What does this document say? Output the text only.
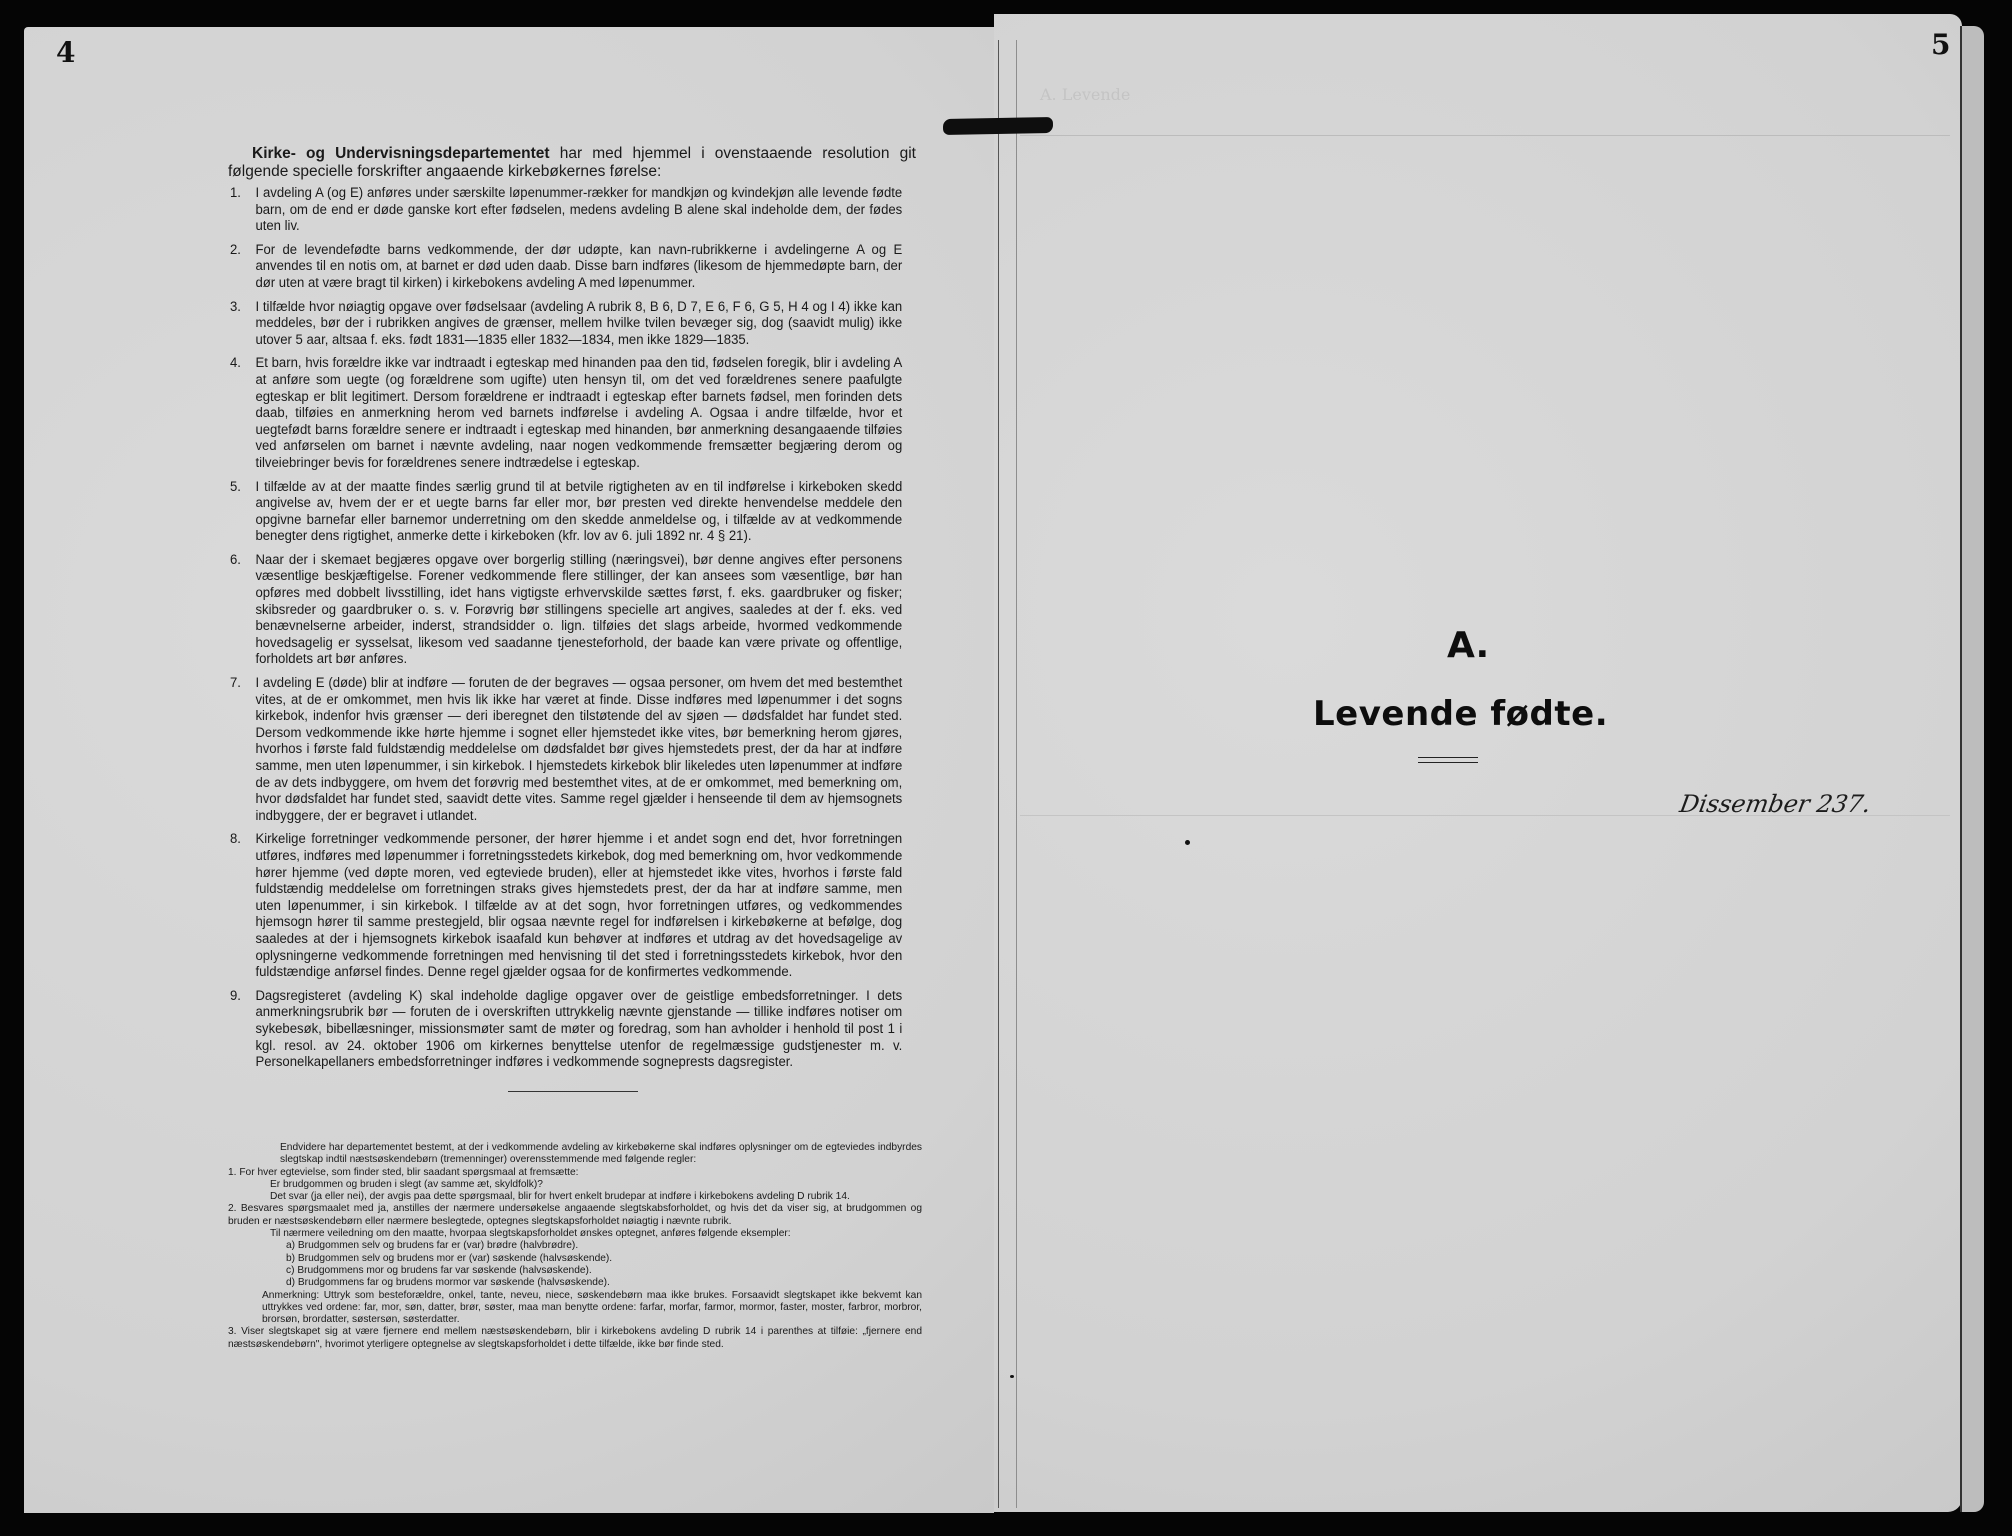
A. Levende
4	5

Kirke- og Undervisningsdepartementet har med hjemmel i ovenstaaende resolution git følgende specielle forskrifter angaaende kirkebøkernes førelse:

1. I avdeling A (og E) anføres under særskilte løpenummer-rækker for mandkjøn og kvindekjøn alle levende fødte barn, om de end er døde ganske kort efter fødselen, medens avdeling B alene skal indeholde dem, der fødes uten liv.
2. For de levendefødte barns vedkommende, der dør udøpte, kan navn-rubrikkerne i avdelingerne A og E anvendes til en notis om, at barnet er død uden daab. Disse barn indføres (likesom de hjemmedøpte barn, der dør uten at være bragt til kirken) i kirkebokens avdeling A med løpenummer.
3. I tilfælde hvor nøiagtig opgave over fødselsaar (avdeling A rubrik 8, B 6, D 7, E 6, F 6, G 5, H 4 og I 4) ikke kan meddeles, bør der i rubrikken angives de grænser, mellem hvilke tvilen bevæger sig, dog (saavidt mulig) ikke utover 5 aar, altsaa f. eks. født 1831—1835 eller 1832—1834, men ikke 1829—1835.
4. Et barn, hvis forældre ikke var indtraadt i egteskap med hinanden paa den tid, fødselen foregik, blir i avdeling A at anføre som uegte (og forældrene som ugifte) uten hensyn til, om det ved forældrenes senere paafulgte egteskap er blit legitimert. Dersom forældrene er indtraadt i egteskap efter barnets fødsel, men forinden dets daab, tilføies en anmerkning herom ved barnets indførelse i avdeling A. Ogsaa i andre tilfælde, hvor et uegtefødt barns forældre senere er indtraadt i egteskap med hinanden, bør anmerkning desangaaende tilføies ved anførselen om barnet i nævnte avdeling, naar nogen vedkommende fremsætter begjæring derom og tilveiebringer bevis for forældrenes senere indtrædelse i egteskap.
5. I tilfælde av at der maatte findes særlig grund til at betvile rigtigheten av en til indførelse i kirkeboken skedd angivelse av, hvem der er et uegte barns far eller mor, bør presten ved direkte henvendelse meddele den opgivne barnefar eller barnemor underretning om den skedde anmeldelse og, i tilfælde av at vedkommende benegter dens rigtighet, anmerke dette i kirkeboken (kfr. lov av 6. juli 1892 nr. 4 § 21).
6. Naar der i skemaet begjæres opgave over borgerlig stilling (næringsvei), bør denne angives efter personens væsentlige beskjæftigelse. Forener vedkommende flere stillinger, der kan ansees som væsentlige, bør han opføres med dobbelt livsstilling, idet hans vigtigste erhvervskilde sættes først, f. eks. gaardbruker og fisker; skibsreder og gaardbruker o. s. v. Forøvrig bør stillingens specielle art angives, saaledes at der f. eks. ved benævnelserne arbeider, inderst, strandsidder o. lign. tilføies det slags arbeide, hvormed vedkommende hovedsagelig er sysselsat, likesom ved saadanne tjenesteforhold, der baade kan være private og offentlige, forholdets art bør anføres.
7. I avdeling E (døde) blir at indføre — foruten de der begraves — ogsaa personer, om hvem det med bestemthet vites, at de er omkommet, men hvis lik ikke har været at finde. Disse indføres med løpenummer i det sogns kirkebok, indenfor hvis grænser — deri iberegnet den tilstøtende del av sjøen — dødsfaldet har fundet sted. Dersom vedkommende ikke hørte hjemme i sognet eller hjemstedet ikke vites, bør bemerkning herom gjøres, hvorhos i første fald fuldstændig meddelelse om dødsfaldet bør gives hjemstedets prest, der da har at indføre samme, men uten løpenummer, i sin kirkebok. I hjemstedets kirkebok blir likeledes uten løpenummer at indføre de av dets indbyggere, om hvem det forøvrig med bestemthet vites, at de er omkommet, med bemerkning om, hvor dødsfaldet har fundet sted, saavidt dette vites. Samme regel gjælder i henseende til dem av hjemsognets indbyggere, der er begravet i utlandet.
8. Kirkelige forretninger vedkommende personer, der hører hjemme i et andet sogn end det, hvor forretningen utføres, indføres med løpenummer i forretningsstedets kirkebok, dog med bemerkning om, hvor vedkommende hører hjemme (ved døpte moren, ved egteviede bruden), eller at hjemstedet ikke vites, hvorhos i første fald fuldstændig meddelelse om forretningen straks gives hjemstedets prest, der da har at indføre samme, men uten løpenummer, i sin kirkebok. I tilfælde av at det sogn, hvor forretningen utføres, og vedkommendes hjemsogn hører til samme prestegjeld, blir ogsaa nævnte regel for indførelsen i kirkebøkerne at befølge, dog saaledes at der i hjemsognets kirkebok isaafald kun behøver at indføres et utdrag av det hovedsagelige av oplysningerne vedkommende forretningen med henvisning til det sted i forretningsstedets kirkebok, hvor den fuldstændige anførsel findes. Denne regel gjælder ogsaa for de konfirmertes vedkommende.
9. Dagsregisteret (avdeling K) skal indeholde daglige opgaver over de geistlige embedsforretninger. I dets anmerkningsrubrik bør — foruten de i overskriften uttrykkelig nævnte gjenstande — tillike indføres notiser om sykebesøk, bibellæsninger, missionsmøter samt de møter og foredrag, som han avholder i henhold til post 1 i kgl. resol. av 24. oktober 1906 om kirkernes benyttelse utenfor de regelmæssige gudstjenester m. v. Personelkapellaners embedsforretninger indføres i vedkommende sogneprests dagsregister.

Endvidere har departementet bestemt, at der i vedkommende avdeling av kirkebøkerne skal indføres oplysninger om de egteviedes indbyrdes slegtskap indtil næstsøskendebørn (tremenninger) overensstemmende med følgende regler:

1. For hver egtevielse, som finder sted, blir saadant spørgsmaal at fremsætte:

Er brudgommen og bruden i slegt (av samme æt, skyldfolk)?

Det svar (ja eller nei), der avgis paa dette spørgsmaal, blir for hvert enkelt brudepar at indføre i kirkebokens avdeling D rubrik 14.

2. Besvares spørgsmaalet med ja, anstilles der nærmere undersøkelse angaaende slegtskabsforholdet, og hvis det da viser sig, at brudgommen og bruden er næstsøskendebørn eller nærmere beslegtede, optegnes slegtskapsforholdet nøiagtig i nævnte rubrik.

Til nærmere veiledning om den maatte, hvorpaa slegtskapsforholdet ønskes optegnet, anføres følgende eksempler:

a) Brudgommen selv og brudens far er (var) brødre (halvbrødre).

b) Brudgommen selv og brudens mor er (var) søskende (halvsøskende).

c) Brudgommens mor og brudens far var søskende (halvsøskende).

d) Brudgommens far og brudens mormor var søskende (halvsøskende).

Anmerkning: Uttryk som besteforældre, onkel, tante, neveu, niece, søskendebørn maa ikke brukes. Forsaavidt slegtskapet ikke bekvemt kan uttrykkes ved ordene: far, mor, søn, datter, brør, søster, maa man benytte ordene: farfar, morfar, farmor, mormor, faster, moster, farbror, morbror, brorsøn, brordatter, søstersøn, søsterdatter.

3. Viser slegtskapet sig at være fjernere end mellem næstsøskendebørn, blir i kirkebokens avdeling D rubrik 14 i parenthes at tilføie: „fjernere end næstsøskendebørn", hvorimot yterligere optegnelse av slegtskapsforholdet i dette tilfælde, ikke bør finde sted.

A.
Levende fødte.
Dissember 237.
